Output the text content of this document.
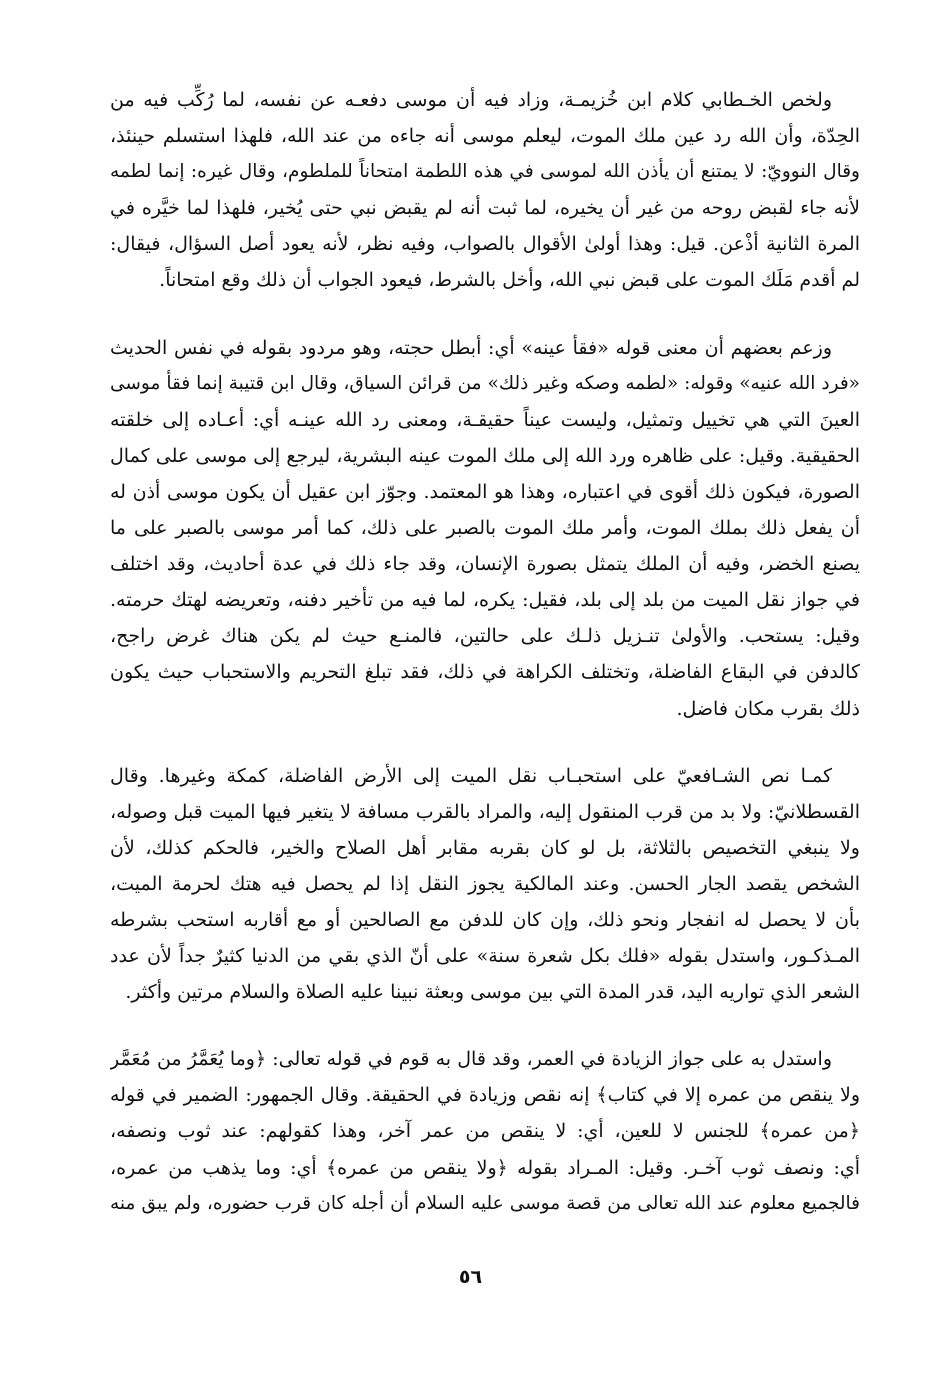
ولخص الخـطابي كلام ابن خُزيمـة، وزاد فيه أن موسى دفعـه عن نفسه، لما رُكِّب فيه من
الحِدّة، وأن الله رد عين ملك الموت، ليعلم موسى أنه جاءه من عند الله، فلهذا استسلم حينئذ،
وقال النوويّ: لا يمتنع أن يأذن الله لموسى في هذه اللطمة امتحاناً للملطوم، وقال غيره: إنما لطمه
لأنه جاء لقبض روحه من غير أن يخيره، لما ثبت أنه لم يقبض نبي حتى يُخير، فلهذا لما خيَّره في
المرة الثانية أذْعن. قيل: وهذا أولىٰ الأقوال بالصواب، وفيه نظر، لأنه يعود أصل السؤال، فيقال:
لم أقدم مَلَك الموت على قبض نبي الله، وأخل بالشرط، فيعود الجواب أن ذلك وقع امتحاناً.

وزعم بعضهم أن معنى قوله «فقأ عينه» أي: أبطل حجته، وهو مردود بقوله في نفس الحديث
«فرد الله عنيه» وقوله: «لطمه وصكه وغير ذلك» من قرائن السياق، وقال ابن قتيبة إنما فقأ موسى
العينَ التي هي تخييل وتمثيل، وليست عيناً حقيقـة، ومعنى رد الله عينـه أي: أعـاده إلى خلقته
الحقيقية. وقيل: على ظاهره ورد الله إلى ملك الموت عينه البشرية، ليرجع إلى موسى على كمال
الصورة، فيكون ذلك أقوى في اعتباره، وهذا هو المعتمد. وجوّز ابن عقيل أن يكون موسى أذن له
أن يفعل ذلك بملك الموت، وأمر ملك الموت بالصبر على ذلك، كما أمر موسى بالصبر على ما
يصنع الخضر، وفيه أن الملك يتمثل بصورة الإنسان، وقد جاء ذلك في عدة أحاديث، وقد اختلف
في جواز نقل الميت من بلد إلى بلد، فقيل: يكره، لما فيه من تأخير دفنه، وتعريضه لهتك حرمته.
وقيل: يستحب. والأولىٰ تنـزيل ذلـك على حالتين، فالمنـع حيث لم يكن هناك غرض راجح،
كالدفن في البقاع الفاضلة، وتختلف الكراهة في ذلك، فقد تبلغ التحريم والاستحباب حيث يكون
ذلك بقرب مكان فاضل.

كمـا نص الشـافعيّ على استحبـاب نقل الميت إلى الأرض الفاضلة، كمكة وغيرها. وقال
القسطلانيّ: ولا بد من قرب المنقول إليه، والمراد بالقرب مسافة لا يتغير فيها الميت قبل وصوله،
ولا ينبغي التخصيص بالثلاثة، بل لو كان بقربه مقابر أهل الصلاح والخير، فالحكم كذلك، لأن
الشخص يقصد الجار الحسن. وعند المالكية يجوز النقل إذا لم يحصل فيه هتك لحرمة الميت،
بأن لا يحصل له انفجار ونحو ذلك، وإن كان للدفن مع الصالحين أو مع أقاربه استحب بشرطه
المـذكـور، واستدل بقوله «فلك بكل شعرة سنة» على أنّ الذي بقي من الدنيا كثيرٌ جداً لأن عدد
الشعر الذي تواريه اليد، قدر المدة التي بين موسى وبعثة نبينا عليه الصلاة والسلام مرتين وأكثر.

واستدل به على جواز الزيادة في العمر، وقد قال به قوم في قوله تعالى: ﴿وما يُعَمَّرُ من مُعَمَّر
ولا ينقص من عمره إلا في كتاب﴾ إنه نقص وزيادة في الحقيقة. وقال الجمهور: الضمير في قوله
﴿من عمره﴾ للجنس لا للعين، أي: لا ينقص من عمر آخر، وهذا كقولهم: عند ثوب ونصفه،
أي: ونصف ثوب آخـر. وقيل: المـراد بقوله ﴿ولا ينقص من عمره﴾ أي: وما يذهب من عمره،
فالجميع معلوم عند الله تعالى من قصة موسى عليه السلام أن أجله كان قرب حضوره، ولم يبق منه

٥٦
